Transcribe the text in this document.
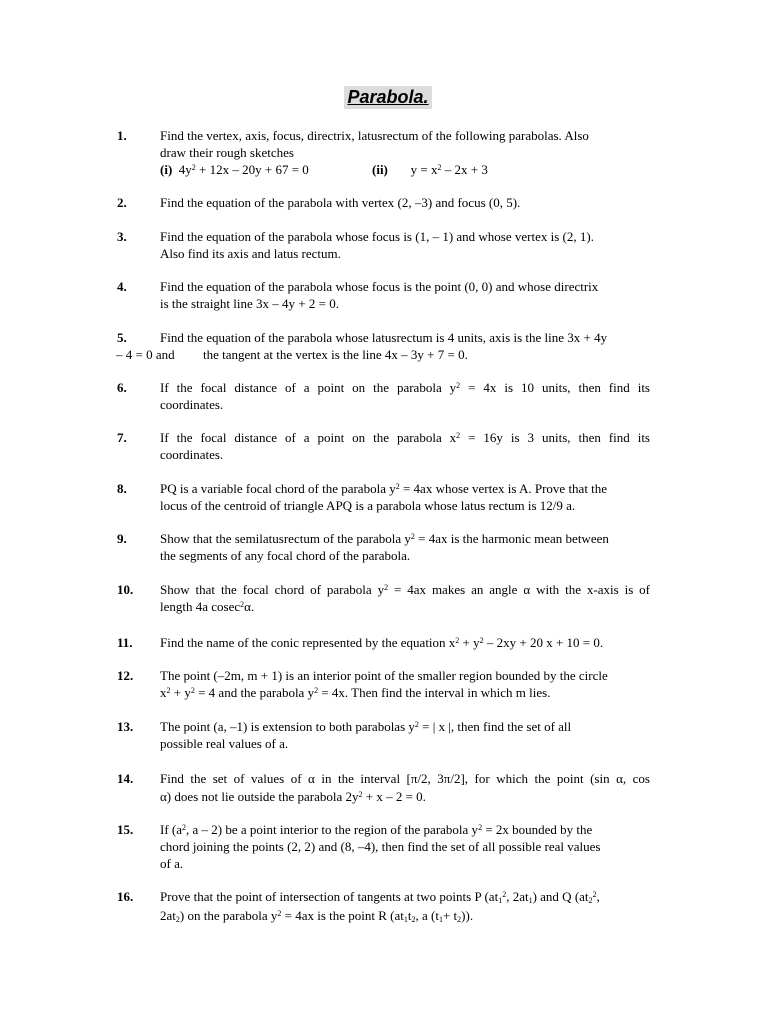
Parabola.
1.	Find the vertex, axis, focus, directrix, latusrectum of the following parabolas. Also
draw their rough sketches
(i) $4y^2 + 12x - 20y + 67 = 0$	(ii) $y = x^2 - 2x + 3$
2.	Find the equation of the parabola with vertex (2, –3) and focus (0, 5).
3.	Find the equation of the parabola whose focus is (1, – 1) and whose vertex is (2, 1).
Also find its axis and latus rectum.
4.	Find the equation of the parabola whose focus is the point (0, 0) and whose directrix
is the straight line 3x – 4y + 2 = 0.
5.	Find the equation of the parabola whose latusrectum is 4 units, axis is the line 3x + 4y
– 4 = 0 and the tangent at the vertex is the line 4x – 3y + 7 = 0.
6.	If the focal distance of a point on the parabola $y^2 = 4x$ is 10 units, then find its
coordinates.
7.	If the focal distance of a point on the parabola $x^2 = 16y$ is 3 units, then find its
coordinates.
8.	PQ is a variable focal chord of the parabola $y^2 = 4ax$ whose vertex is A. Prove that the
locus of the centroid of triangle APQ is a parabola whose latus rectum is 12/9 a.
9.	Show that the semilatusrectum of the parabola $y^2 = 4ax$ is the harmonic mean between
the segments of any focal chord of the parabola.
10. Show that the focal chord of parabola $y^2 = 4ax$ makes an angle α with the x-axis is of
length 4a cosec$^2$α.
11. Find the name of the conic represented by the equation $x^2 + y^2 - 2xy + 20$ x + 10 = 0.
12. The point (–2m, m + 1) is an interior point of the smaller region bounded by the circle
$x^2 + y^2 = 4$ and the parabola $y^2 = 4x$. Then find the interval in which m lies.
13. The point (a, –1) is extension to both parabolas $y^2$ = | x |, then find the set of all
possible real values of a.
14. Find the set of values of α in the interval [π/2, 3π/2], for which the point (sin α, cos
α) does not lie outside the parabola $2y^2 + x - 2 = 0$.
15. If ($a^2$, a – 2) be a point interior to the region of the parabola $y^2 = 2x$ bounded by the
chord joining the points (2, 2) and (8, –4), then find the set of all possible real values
of a.
16. Prove that the point of intersection of tangents at two points P ($at_1^2$, $2at_1$) and Q ($at_2^2$,
$2at_2$) on the parabola $y^2 = 4ax$ is the point R ($at_1t_2$, a $(t_1+ t_2)$).
